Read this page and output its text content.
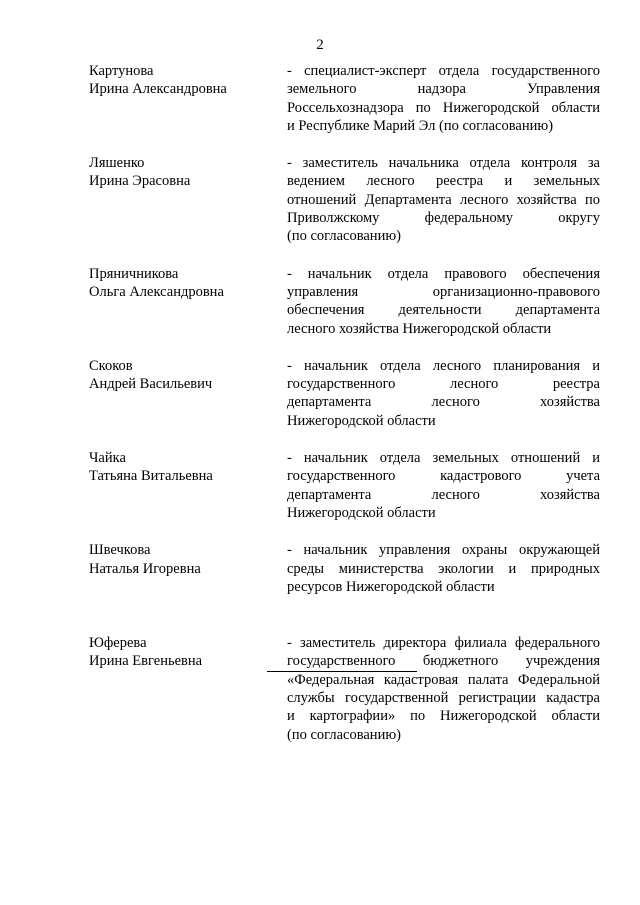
2
Картунова
Ирина Александровна
- специалист-эксперт отдела государственного
земельного надзора Управления
Россельхознадзора по Нижегородской области
и Республике Марий Эл (по согласованию)
Ляшенко
Ирина Эрасовна
- заместитель начальника отдела контроля за
ведением лесного реестра и земельных
отношений Департамента лесного хозяйства по
Приволжскому федеральному округу
(по согласованию)
Пряничникова
Ольга Александровна
- начальник отдела правового обеспечения
управления организационно-правового
обеспечения деятельности департамента
лесного хозяйства Нижегородской области
Скоков
Андрей Васильевич
- начальник отдела лесного планирования и
государственного лесного реестра
департамента лесного хозяйства
Нижегородской области
Чайка
Татьяна Витальевна
- начальник отдела земельных отношений и
государственного кадастрового учета
департамента лесного хозяйства
Нижегородской области
Швечкова
Наталья Игоревна
- начальник управления охраны окружающей
среды министерства экологии и природных
ресурсов Нижегородской области
Юферева
Ирина Евгеньевна
- заместитель директора филиала федерального
государственного бюджетного учреждения
«Федеральная кадастровая палата Федеральной
службы государственной регистрации кадастра
и картографии» по Нижегородской области
(по согласованию)
